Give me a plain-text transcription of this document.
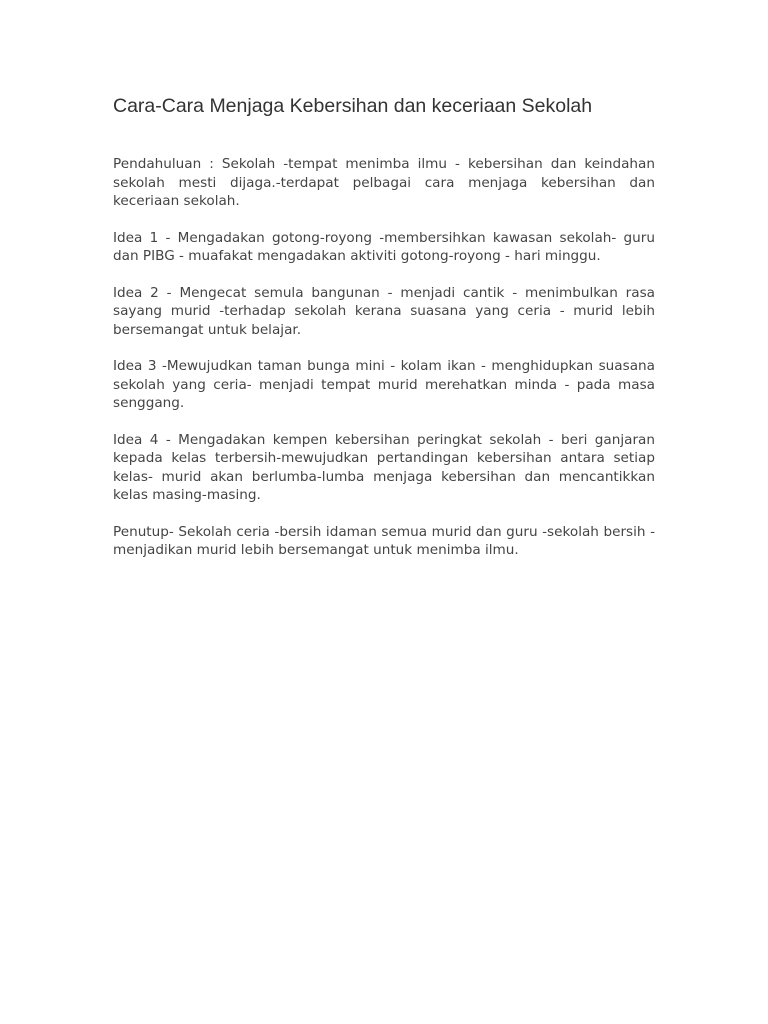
Cara-Cara Menjaga Kebersihan dan keceriaan Sekolah

Pendahuluan : Sekolah -tempat menimba ilmu - kebersihan dan keindahan sekolah mesti dijaga.-terdapat pelbagai cara menjaga kebersihan dan keceriaan sekolah.

Idea 1 - Mengadakan gotong-royong -membersihkan kawasan sekolah- guru dan PIBG - muafakat mengadakan aktiviti gotong-royong - hari minggu.

Idea 2 - Mengecat semula bangunan - menjadi cantik - menimbulkan rasa sayang murid -terhadap sekolah kerana suasana yang ceria - murid lebih bersemangat untuk belajar.

Idea 3 -Mewujudkan taman bunga mini - kolam ikan - menghidupkan suasana sekolah yang ceria- menjadi tempat murid merehatkan minda - pada masa senggang.

Idea 4 - Mengadakan kempen kebersihan peringkat sekolah - beri ganjaran kepada kelas terbersih-mewujudkan pertandingan kebersihan antara setiap kelas- murid akan berlumba-lumba menjaga kebersihan dan mencantikkan kelas masing-masing.

Penutup- Sekolah ceria -bersih idaman semua murid dan guru -sekolah bersih - menjadikan murid lebih bersemangat untuk menimba ilmu.
